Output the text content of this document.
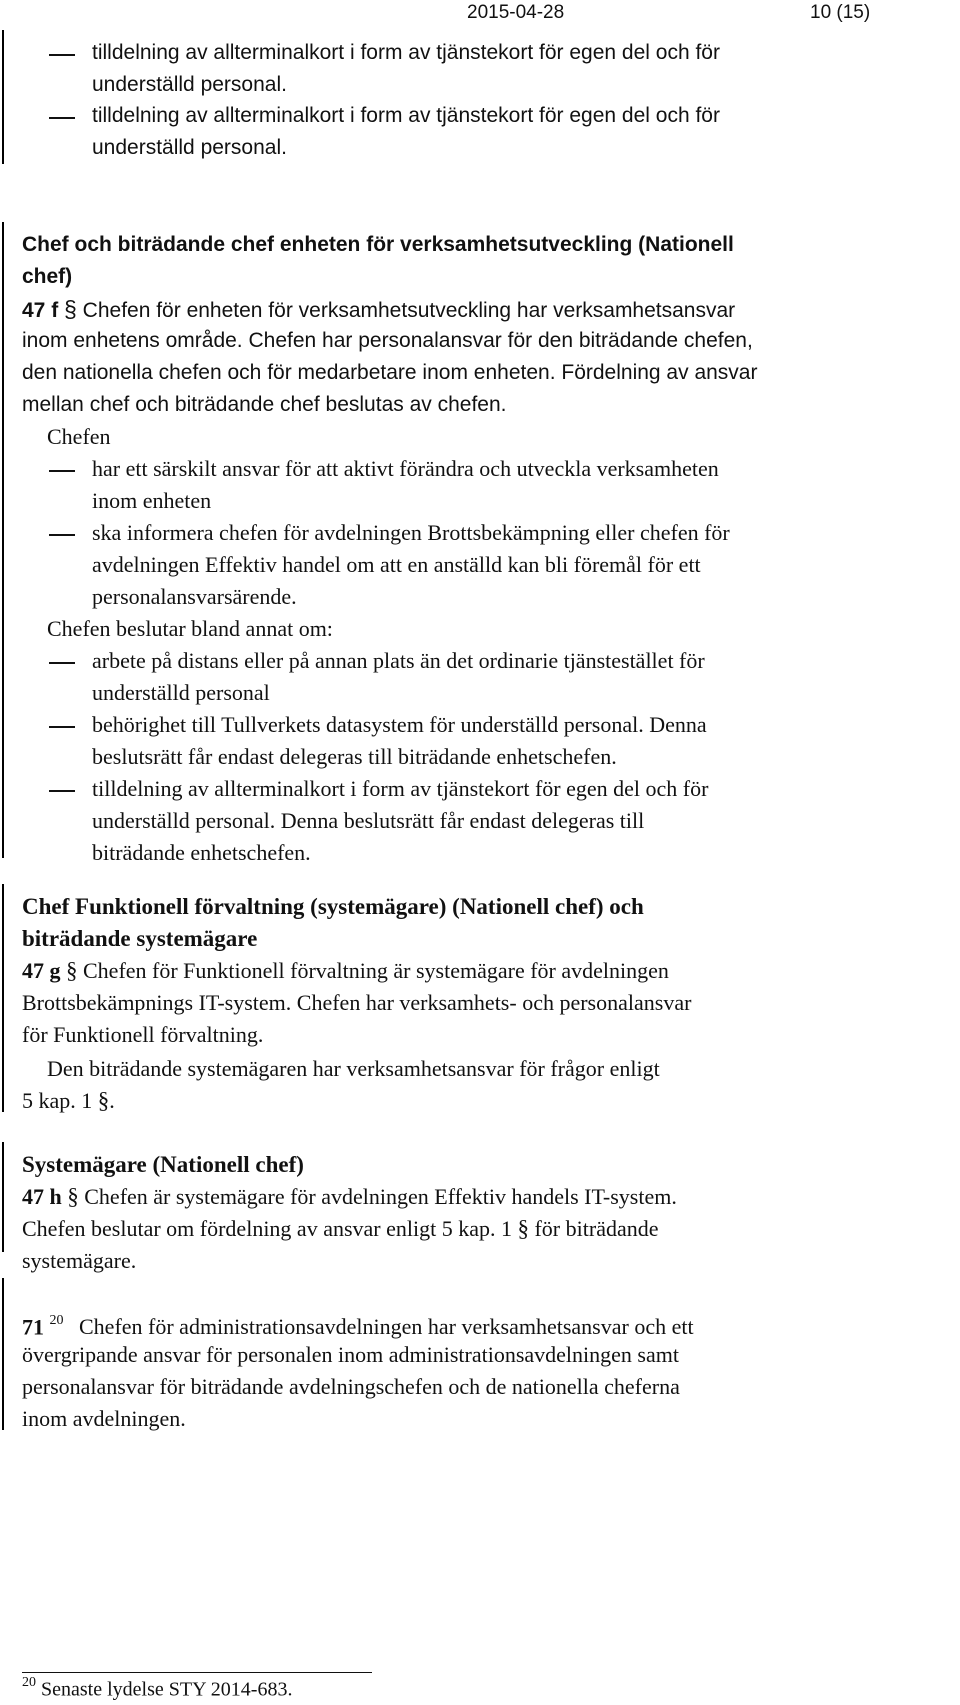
2015-04-28	10 (15)
tilldelning av allterminalkort i form av tjänstekort för egen del och för
underställd personal.
tilldelning av allterminalkort i form av tjänstekort för egen del och för
underställd personal.
Chef och biträdande chef enheten för verksamhetsutveckling (Nationell
chef)
47 f § Chefen för enheten för verksamhetsutveckling har verksamhetsansvar
inom enhetens område. Chefen har personalansvar för den biträdande chefen,
den nationella chefen och för medarbetare inom enheten. Fördelning av ansvar
mellan chef och biträdande chef beslutas av chefen.
Chefen
har ett särskilt ansvar för att aktivt förändra och utveckla verksamheten
inom enheten
ska informera chefen för avdelningen Brottsbekämpning eller chefen för
avdelningen Effektiv handel om att en anställd kan bli föremål för ett
personalansvarsärende.
Chefen beslutar bland annat om:
arbete på distans eller på annan plats än det ordinarie tjänstestället för
underställd personal
behörighet till Tullverkets datasystem för underställd personal. Denna
beslutsrätt får endast delegeras till biträdande enhetschefen.
tilldelning av allterminalkort i form av tjänstekort för egen del och för
underställd personal. Denna beslutsrätt får endast delegeras till
biträdande enhetschefen.
Chef Funktionell förvaltning (systemägare) (Nationell chef) och
biträdande systemägare
47 g § Chefen för Funktionell förvaltning är systemägare för avdelningen
Brottsbekämpnings IT-system. Chefen har verksamhets- och personalansvar
för Funktionell förvaltning.
Den biträdande systemägaren har verksamhetsansvar för frågor enligt
5 kap. 1 §.
Systemägare (Nationell chef)
47 h § Chefen är systemägare för avdelningen Effektiv handels IT-system.
Chefen beslutar om fördelning av ansvar enligt 5 kap. 1 § för biträdande
systemägare.
71 $^{20}$ Chefen för administrationsavdelningen har verksamhetsansvar och ett
övergripande ansvar för personalen inom administrationsavdelningen samt
personalansvar för biträdande avdelningschefen och de nationella cheferna
inom avdelningen.
$^{20}$ Senaste lydelse STY 2014-683.
